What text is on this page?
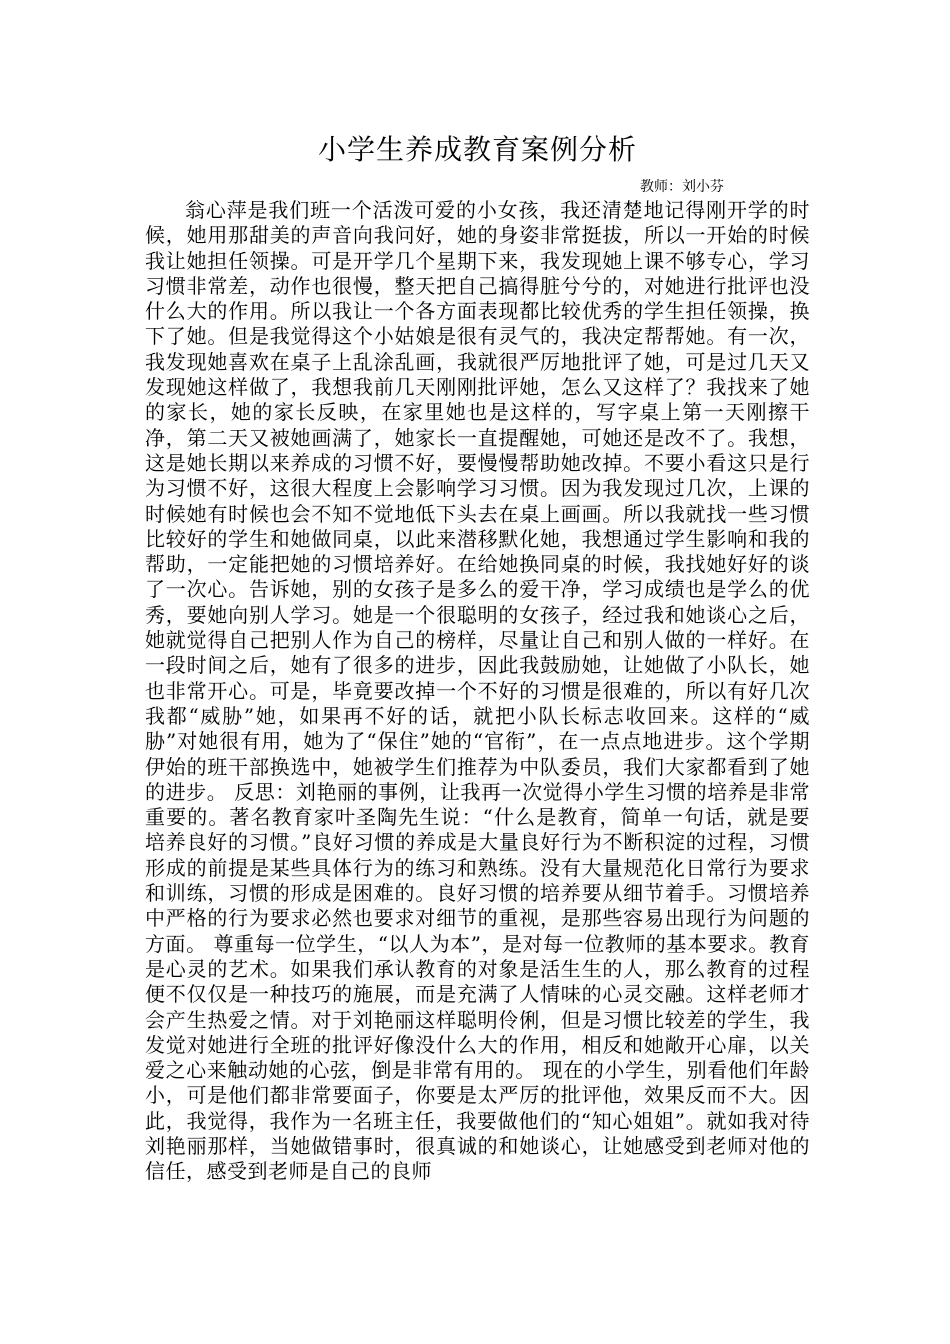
小学生养成教育案例分析
教师：刘小芬

翁心萍是我们班一个活泼可爱的小女孩，我还清楚地记得刚开学的时候，她用那甜美的声音向我问好，她的身姿非常挺拔，所以一开始的时候我让她担任领操。可是开学几个星期下来，我发现她上课不够专心，学习习惯非常差，动作也很慢，整天把自己搞得脏兮兮的，对她进行批评也没什么大的作用。所以我让一个各方面表现都比较优秀的学生担任领操，换下了她。但是我觉得这个小姑娘是很有灵气的，我决定帮帮她。有一次，我发现她喜欢在桌子上乱涂乱画，我就很严厉地批评了她，可是过几天又发现她这样做了，我想我前几天刚刚批评她，怎么又这样了？我找来了她的家长，她的家长反映，在家里她也是这样的，写字桌上第一天刚擦干净，第二天又被她画满了，她家长一直提醒她，可她还是改不了。我想，这是她长期以来养成的习惯不好，要慢慢帮助她改掉。不要小看这只是行为习惯不好，这很大程度上会影响学习习惯。因为我发现过几次，上课的时候她有时候也会不知不觉地低下头去在桌上画画。所以我就找一些习惯比较好的学生和她做同桌，以此来潜移默化她，我想通过学生影响和我的帮助，一定能把她的习惯培养好。在给她换同桌的时候，我找她好好的谈了一次心。告诉她，别的女孩子是多么的爱干净，学习成绩也是学么的优秀，要她向别人学习。她是一个很聪明的女孩子，经过我和她谈心之后，她就觉得自己把别人作为自己的榜样，尽量让自己和别人做的一样好。在一段时间之后，她有了很多的进步，因此我鼓励她，让她做了小队长，她也非常开心。可是，毕竟要改掉一个不好的习惯是很难的，所以有好几次我都“威胁”她，如果再不好的话，就把小队长标志收回来。这样的“威胁”对她很有用，她为了“保住”她的“官衔”，在一点点地进步。这个学期伊始的班干部换选中，她被学生们推荐为中队委员，我们大家都看到了她的进步。 反思：刘艳丽的事例，让我再一次觉得小学生习惯的培养是非常重要的。著名教育家叶圣陶先生说：“什么是教育，简单一句话，就是要培养良好的习惯。”良好习惯的养成是大量良好行为不断积淀的过程，习惯形成的前提是某些具体行为的练习和熟练。没有大量规范化日常行为要求和训练，习惯的形成是困难的。良好习惯的培养要从细节着手。习惯培养中严格的行为要求必然也要求对细节的重视，是那些容易出现行为问题的方面。 尊重每一位学生，“以人为本”，是对每一位教师的基本要求。教育是心灵的艺术。如果我们承认教育的对象是活生生的人，那么教育的过程便不仅仅是一种技巧的施展，而是充满了人情味的心灵交融。这样老师才会产生热爱之情。对于刘艳丽这样聪明伶俐，但是习惯比较差的学生，我发觉对她进行全班的批评好像没什么大的作用，相反和她敞开心扉，以关爱之心来触动她的心弦，倒是非常有用的。 现在的小学生，别看他们年龄小，可是他们都非常要面子，你要是太严厉的批评他，效果反而不大。因此，我觉得，我作为一名班主任，我要做他们的“知心姐姐”。就如我对待刘艳丽那样，当她做错事时，很真诚的和她谈心，让她感受到老师对他的信任，感受到老师是自己的良师
